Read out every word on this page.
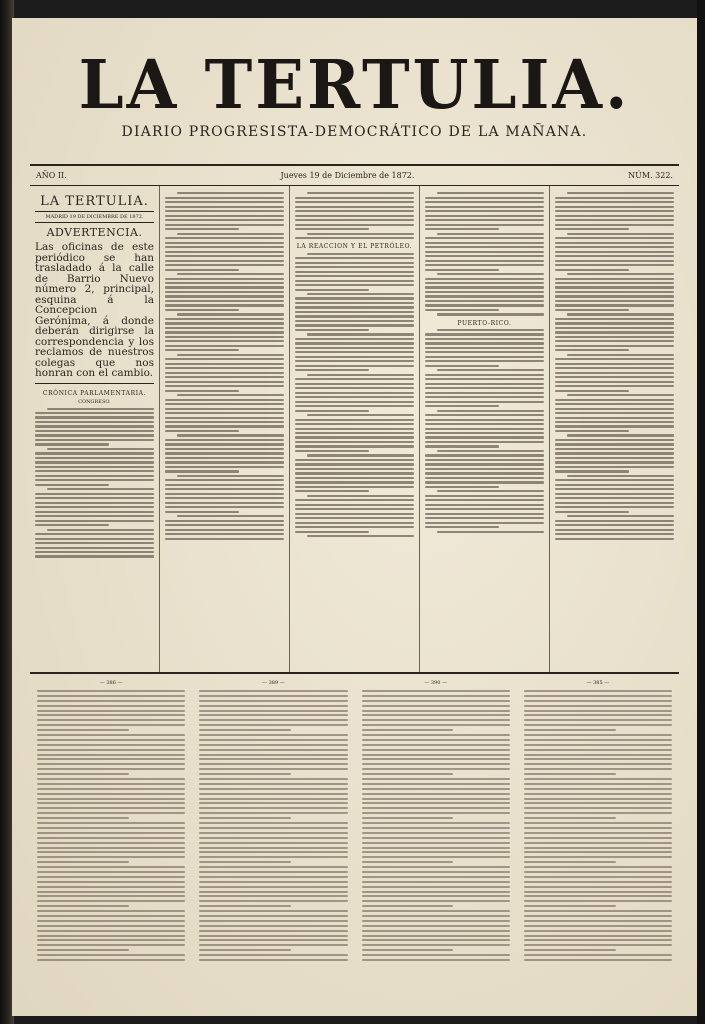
LA TERTULIA.
DIARIO PROGRESISTA-DEMOCRÁTICO DE LA MAÑANA.
AÑO II.	Jueves 19 de Diciembre de 1872.	NÚM. 322.
LA TERTULIA.
MADRID 19 DE DICIEMBRE DE 1872.
ADVERTENCIA.
Las oficinas de este periódico se han trasladado á la calle de Barrio Nuevo número 2, principal, esquina á la Concepcion Gerónima, á donde deberán dirigirse la correspondencia y los reclamos de nuestros colegas que nos honran con el cambio.
CRÓNICA PARLAMENTARIA.
CONGRESO.
LA REACCION Y EL PETRÓLEO.
PUERTO-RICO.
— 386 —	— 389 —	— 390 —	— 385 —
